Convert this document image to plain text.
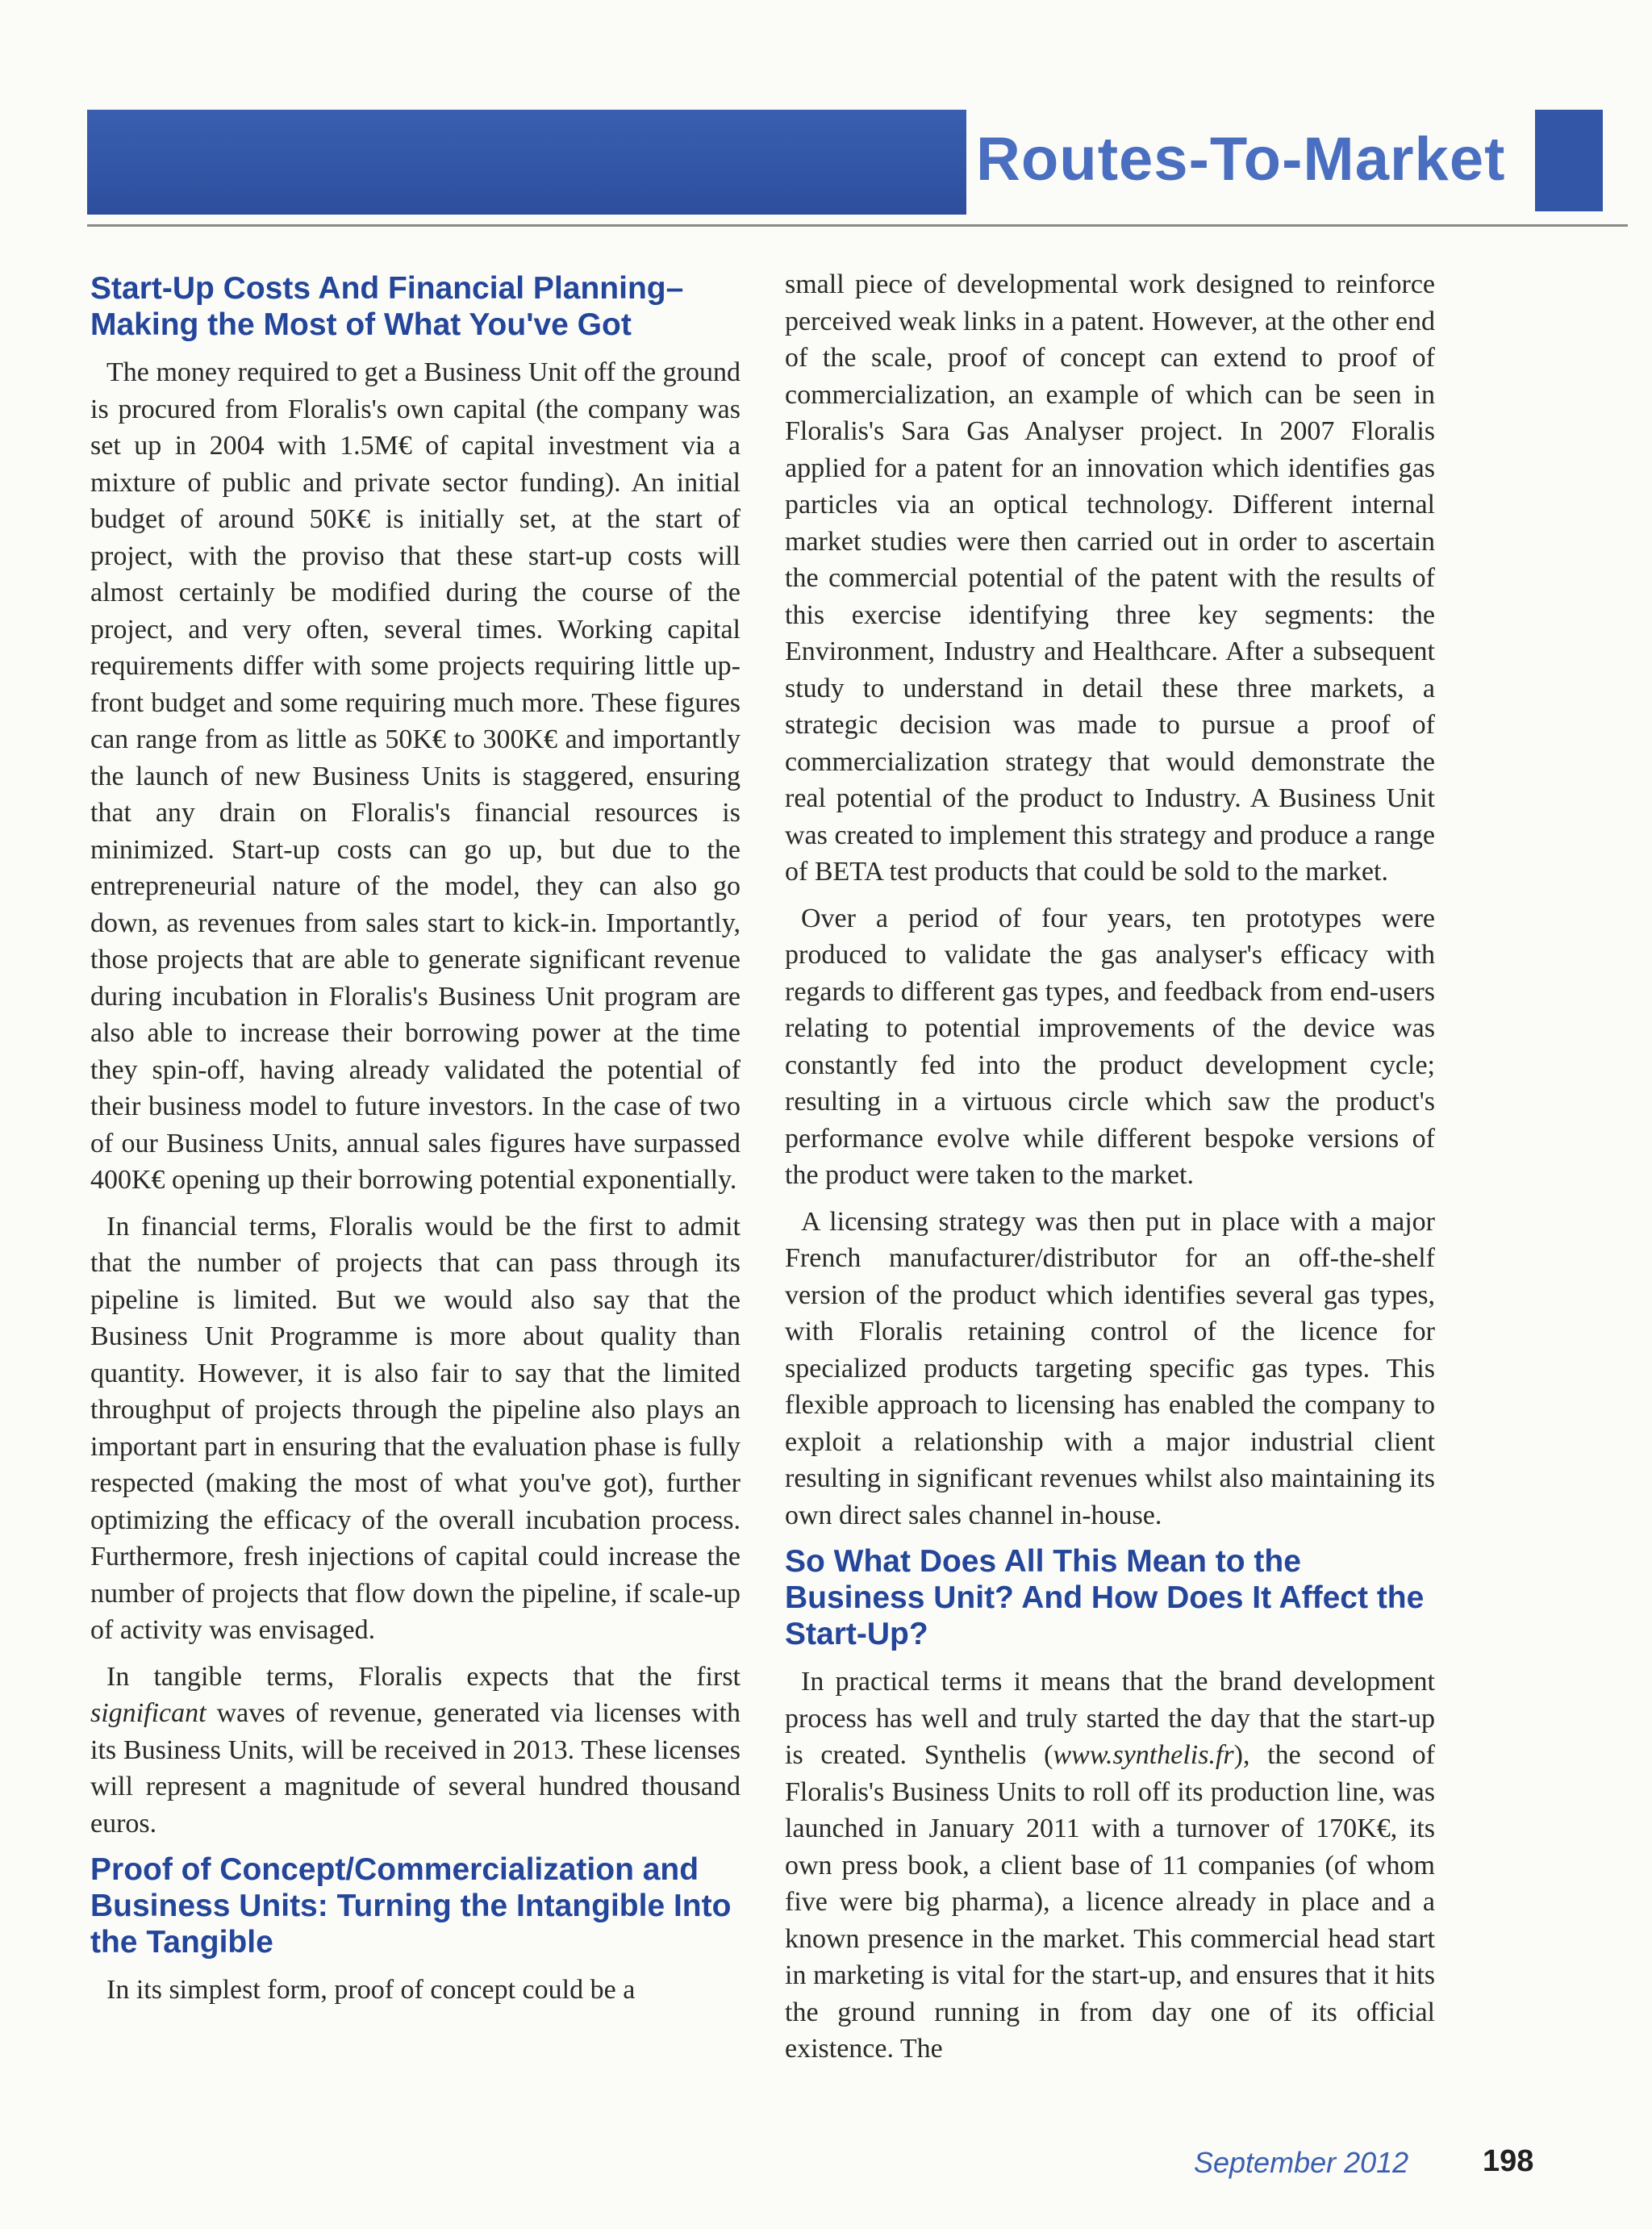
Routes-To-Market
Start-Up Costs And Financial Planning– Making the Most of What You've Got

The money required to get a Business Unit off the ground is procured from Floralis's own capital (the company was set up in 2004 with 1.5M€ of capital investment via a mixture of public and private sector funding). An initial budget of around 50K€ is initially set, at the start of project, with the proviso that these start-up costs will almost certainly be modified during the course of the project, and very often, several times. Working capital requirements differ with some projects requiring little up-front budget and some requiring much more. These figures can range from as little as 50K€ to 300K€ and importantly the launch of new Business Units is staggered, ensuring that any drain on Floralis's financial resources is minimized. Start-up costs can go up, but due to the entrepreneurial nature of the model, they can also go down, as revenues from sales start to kick-in. Importantly, those projects that are able to generate significant revenue during incubation in Floralis's Business Unit program are also able to increase their borrowing power at the time they spin-off, having already validated the potential of their business model to future investors. In the case of two of our Business Units, annual sales figures have surpassed 400K€ opening up their borrowing potential exponentially.

In financial terms, Floralis would be the first to admit that the number of projects that can pass through its pipeline is limited. But we would also say that the Business Unit Programme is more about quality than quantity. However, it is also fair to say that the limited throughput of projects through the pipeline also plays an important part in ensuring that the evaluation phase is fully respected (making the most of what you've got), further optimizing the efficacy of the overall incubation process. Furthermore, fresh injections of capital could increase the number of projects that flow down the pipeline, if scale-up of activity was envisaged.

In tangible terms, Floralis expects that the first significant waves of revenue, generated via licenses with its Business Units, will be received in 2013. These licenses will represent a magnitude of several hundred thousand euros.

Proof of Concept/Commercialization and Business Units: Turning the Intangible Into the Tangible

In its simplest form, proof of concept could be a

small piece of developmental work designed to reinforce perceived weak links in a patent. However, at the other end of the scale, proof of concept can extend to proof of commercialization, an example of which can be seen in Floralis's Sara Gas Analyser project. In 2007 Floralis applied for a patent for an innovation which identifies gas particles via an optical technology. Different internal market studies were then carried out in order to ascertain the commercial potential of the patent with the results of this exercise identifying three key segments: the Environment, Industry and Healthcare. After a subsequent study to understand in detail these three markets, a strategic decision was made to pursue a proof of commercialization strategy that would demonstrate the real potential of the product to Industry. A Business Unit was created to implement this strategy and produce a range of BETA test products that could be sold to the market.

Over a period of four years, ten prototypes were produced to validate the gas analyser's efficacy with regards to different gas types, and feedback from end-users relating to potential improvements of the device was constantly fed into the product development cycle; resulting in a virtuous circle which saw the product's performance evolve while different bespoke versions of the product were taken to the market.

A licensing strategy was then put in place with a major French manufacturer/distributor for an off-the-shelf version of the product which identifies several gas types, with Floralis retaining control of the licence for specialized products targeting specific gas types. This flexible approach to licensing has enabled the company to exploit a relationship with a major industrial client resulting in significant revenues whilst also maintaining its own direct sales channel in-house.

So What Does All This Mean to the Business Unit? And How Does It Affect the Start-Up?

In practical terms it means that the brand development process has well and truly started the day that the start-up is created. Synthelis (www.synthelis.fr), the second of Floralis's Business Units to roll off its production line, was launched in January 2011 with a turnover of 170K€, its own press book, a client base of 11 companies (of whom five were big pharma), a licence already in place and a known presence in the market. This commercial head start in marketing is vital for the start-up, and ensures that it hits the ground running in from day one of its official existence. The

September 2012 198
